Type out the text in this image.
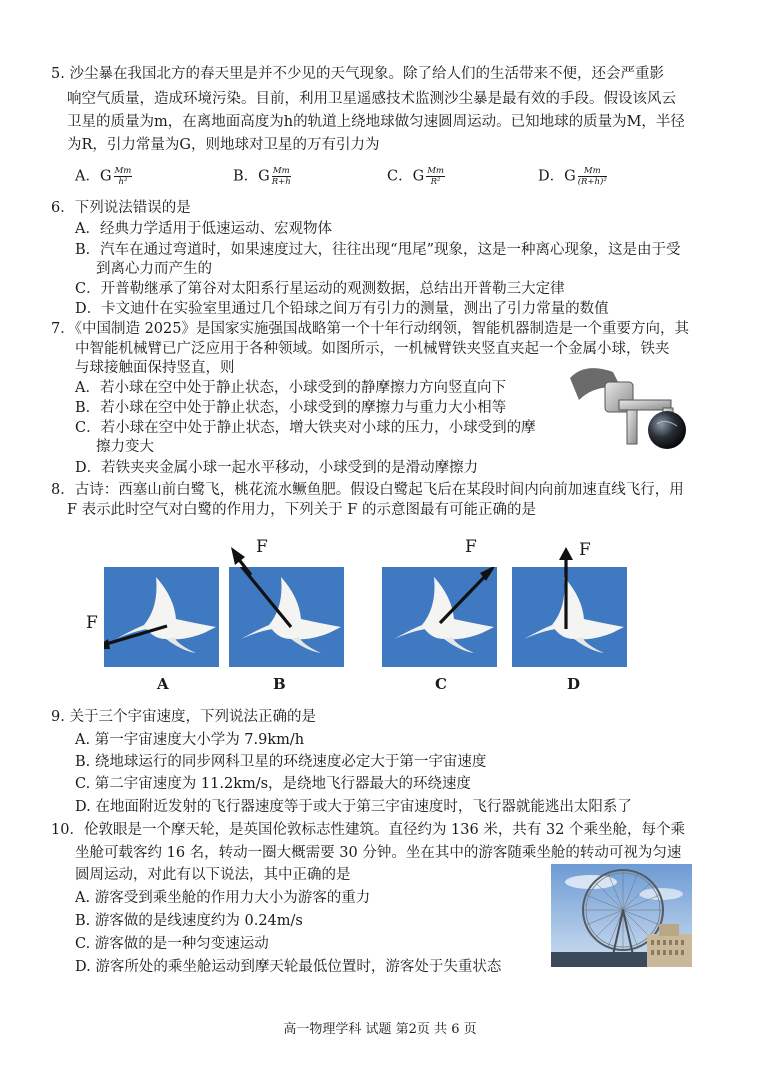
5. 沙尘暴在我国北方的春天里是并不少见的天气现象。除了给人们的生活带来不便，还会严重影
响空气质量，造成环境污染。目前，利用卫星遥感技术监测沙尘暴是最有效的手段。假设该风云
卫星的质量为m，在离地面高度为h的轨道上绕地球做匀速圆周运动。已知地球的质量为M，半径
为R，引力常量为G，则地球对卫星的万有引力为
A．G $\frac{Mm}{\text{h²}}$	B．G $\frac{Mm}{R+h}$	C．G $\frac{Mm}{\text{R²}}$	D．G $\frac{Mm}{\text{(R+h)²}}$
6．下列说法错误的是
A．经典力学适用于低速运动、宏观物体
B．汽车在通过弯道时，如果速度过大，往往出现“甩尾”现象，这是一种离心现象，这是由于受
到离心力而产生的
C．开普勒继承了第谷对太阳系行星运动的观测数据，总结出开普勒三大定律
D．卡文迪什在实验室里通过几个铅球之间万有引力的测量，测出了引力常量的数值
7．《中国制造 2025》是国家实施强国战略第一个十年行动纲领，智能机器制造是一个重要方向，其
中智能机械臂已广泛应用于各种领域。如图所示，一机械臂铁夹竖直夹起一个金属小球，铁夹
与球接触面保持竖直，则
A．若小球在空中处于静止状态，小球受到的静摩擦力方向竖直向下
B．若小球在空中处于静止状态，小球受到的摩擦力与重力大小相等
C．若小球在空中处于静止状态，增大铁夹对小球的压力，小球受到的摩
擦力变大
D．若铁夹夹金属小球一起水平移动，小球受到的是滑动摩擦力
8．古诗：西塞山前白鹭飞，桃花流水鳜鱼肥。假设白鹭起飞后在某段时间内向前加速直线飞行，用
F 表示此时空气对白鹭的作用力，下列关于 F 的示意图最有可能正确的是
F
F	F	F
A	B	C	D
9. 关于三个宇宙速度，下列说法正确的是
A. 第一宇宙速度大小学为 7.9km/h
B. 绕地球运行的同步网科卫星的环绕速度必定大于第一宇宙速度
C. 第二宇宙速度为 11.2km/s，是绕地飞行器最大的环绕速度
D. 在地面附近发射的飞行器速度等于或大于第三宇宙速度时，飞行器就能逃出太阳系了
10．伦敦眼是一个摩天轮，是英国伦敦标志性建筑。直径约为 136 米，共有 32 个乘坐舱，每个乘
坐舱可载客约 16 名，转动一圈大概需要 30 分钟。坐在其中的游客随乘坐舱的转动可视为匀速
圆周运动，对此有以下说法，其中正确的是
A. 游客受到乘坐舱的作用力大小为游客的重力
B. 游客做的是线速度约为 0.24m/s
C. 游客做的是一种匀变速运动
D. 游客所处的乘坐舱运动到摩天轮最低位置时，游客处于失重状态
高一物理学科 试题 第2页 共 6 页
